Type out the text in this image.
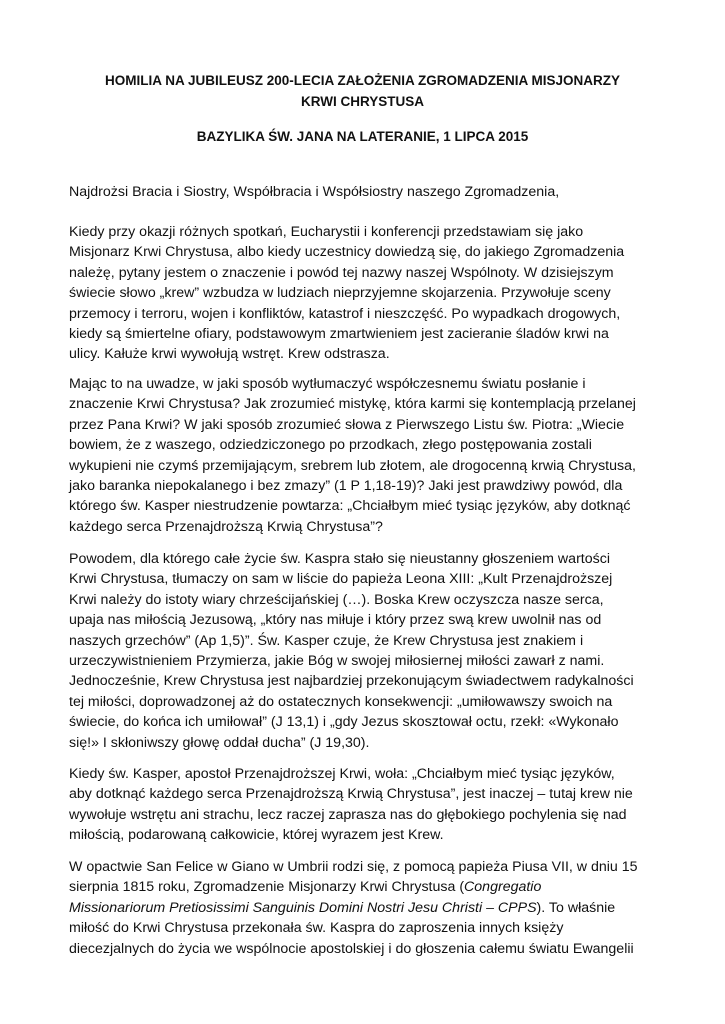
HOMILIA NA JUBILEUSZ 200-LECIA ZAŁOŻENIA ZGROMADZENIA MISJONARZY
KRWI CHRYSTUSA
BAZYLIKA ŚW. JANA NA LATERANIE, 1 LIPCA 2015
Najdrożsi Bracia i Siostry, Współbracia i Współsiostry naszego Zgromadzenia,
Kiedy przy okazji różnych spotkań, Eucharystii i konferencji przedstawiam się jako
Misjonarz Krwi Chrystusa, albo kiedy uczestnicy dowiedzą się, do jakiego Zgromadzenia
należę, pytany jestem o znaczenie i powód tej nazwy naszej Wspólnoty. W dzisiejszym
świecie słowo „krew” wzbudza w ludziach nieprzyjemne skojarzenia. Przywołuje sceny
przemocy i terroru, wojen i konfliktów, katastrof i nieszczęść. Po wypadkach drogowych,
kiedy są śmiertelne ofiary, podstawowym zmartwieniem jest zacieranie śladów krwi na
ulicy. Kałuże krwi wywołują wstręt. Krew odstrasza.
Mając to na uwadze, w jaki sposób wytłumaczyć współczesnemu światu posłanie i
znaczenie Krwi Chrystusa? Jak zrozumieć mistykę, która karmi się kontemplacją przelanej
przez Pana Krwi? W jaki sposób zrozumieć słowa z Pierwszego Listu św. Piotra: „Wiecie
bowiem, że z waszego, odziedziczonego po przodkach, złego postępowania zostali
wykupieni nie czymś przemijającym, srebrem lub złotem, ale drogocenną krwią Chrystusa,
jako baranka niepokalanego i bez zmazy” (1 P 1,18-19)? Jaki jest prawdziwy powód, dla
którego św. Kasper niestrudzenie powtarza: „Chciałbym mieć tysiąc języków, aby dotknąć
każdego serca Przenajdroższą Krwią Chrystusa”?
Powodem, dla którego całe życie św. Kaspra stało się nieustanny głoszeniem wartości
Krwi Chrystusa, tłumaczy on sam w liście do papieża Leona XIII: „Kult Przenajdroższej
Krwi należy do istoty wiary chrześcijańskiej (…). Boska Krew oczyszcza nasze serca,
upaja nas miłością Jezusową, „który nas miłuje i który przez swą krew uwolnił nas od
naszych grzechów” (Ap 1,5)”. Św. Kasper czuje, że Krew Chrystusa jest znakiem i
urzeczywistnieniem Przymierza, jakie Bóg w swojej miłosiernej miłości zawarł z nami.
Jednocześnie, Krew Chrystusa jest najbardziej przekonującym świadectwem radykalności
tej miłości, doprowadzonej aż do ostatecznych konsekwencji: „umiłowawszy swoich na
świecie, do końca ich umiłował” (J 13,1) i „gdy Jezus skosztował octu, rzekł: «Wykonało
się!» I skłoniwszy głowę oddał ducha” (J 19,30).
Kiedy św. Kasper, apostoł Przenajdroższej Krwi, woła: „Chciałbym mieć tysiąc języków,
aby dotknąć każdego serca Przenajdroższą Krwią Chrystusa”, jest inaczej – tutaj krew nie
wywołuje wstrętu ani strachu, lecz raczej zaprasza nas do głębokiego pochylenia się nad
miłością, podarowaną całkowicie, której wyrazem jest Krew.
W opactwie San Felice w Giano w Umbrii rodzi się, z pomocą papieża Piusa VII, w dniu 15
sierpnia 1815 roku, Zgromadzenie Misjonarzy Krwi Chrystusa (Congregatio
Missionariorum Pretiosissimi Sanguinis Domini Nostri Jesu Christi – CPPS). To właśnie
miłość do Krwi Chrystusa przekonała św. Kaspra do zaproszenia innych księży
diecezjalnych do życia we wspólnocie apostolskiej i do głoszenia całemu światu Ewangelii
